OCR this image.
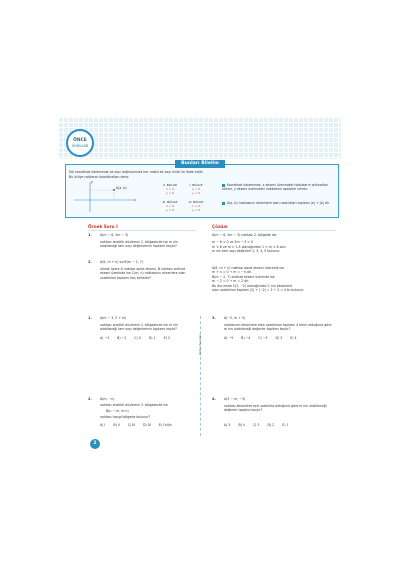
ÖNCE
SORULAR
Bunları Bilelim
Dik koordinat sisteminde ve sayı doğrularında her nokta bir sayı ikilisi ile ifade edilir.
Bu ikiliye noktanın koordinatları denir.
x
y
A(a, b)
II. BÖLGE
x < 0
y > 0
I. BÖLGE
x > 0
y > 0
III. BÖLGE
x < 0
y < 0
IV. BÖLGE
x > 0
y < 0
Koordinat sisteminde, x ekseni üzerindeki noktaların ordinatları sıfırdır, y ekseni üzerindeki noktaların apsisleri sıfırdır.
A(a, b) noktasının eksenlere olan uzaklıkları toplamı |a| + |b| dir.
Örnek Soru I
1.	A(m − 6, 2m − 3)
noktası analitik düzlemin 2. bölgesinde ise m nin alabileceği tam sayı değerlerinin toplamı kaçtır?
2.	A(6, m + n) ve B(m − 2, 7)
olmak üzere A noktası apsis ekseni, B noktası ordinat ekseni üzerinde ise C(m, n) noktasının eksenlere olan uzaklıkları toplamı kaç birimdir?
Çözüm
A(m − 6, 2m − 3) noktası 2. bölgede ise
m − 6 < 0 ve 2m − 3 > 0
m < 6 ve m > 1.5 olacağından 1 < m < 6 olur.
m nin tam sayı değerleri 2, 3, 4, 5 bulunur.
A(6, m + n) noktası apsis ekseni üzerinde ise
m + n = 0 → m = −n dir.
B(m − 2, 7) ordinat ekseni üzerinde ise
m − 2 = 0 → m = 2 dir.
Bu durumda C(2, −2) olacağından C nin eksenlere
olan uzaklıkları toplamı |2| + |−2| = 2 + 2 = 4 br bulunur.
Zafer Yayınları
1.	A(m − 3, 2 + m)
noktası analitik düzlemin 2. bölgesinde ise m nin alabileceği tam sayı değerlerinin toplamı kaçtır?
A) −3	B) −1	C) 0	D) 1	E) 2
3.	A(−2, m + 5)
noktasının eksenlere olan uzaklıkları toplamı 4 birim olduğuna göre m nin alabileceği değerler toplamı kaçtır?
A) −9	B) −4	C) −5	D) 2	E) 4
2.	A(m, −n)
noktası analitik düzlemin 3. bölgesinde ise
B(n − m, m·n)
noktası hangi bölgede bulunur?
A) I	B) II	C) III	D) IV	E) Orijin
4.	A(2 − m, −3)
noktası eksenlere eşit uzaklıkta olduğuna göre m nin alabileceği değerler toplamı kaçtır?
A) 5	B) 4	C) 3	D) 2	E) 1
2
